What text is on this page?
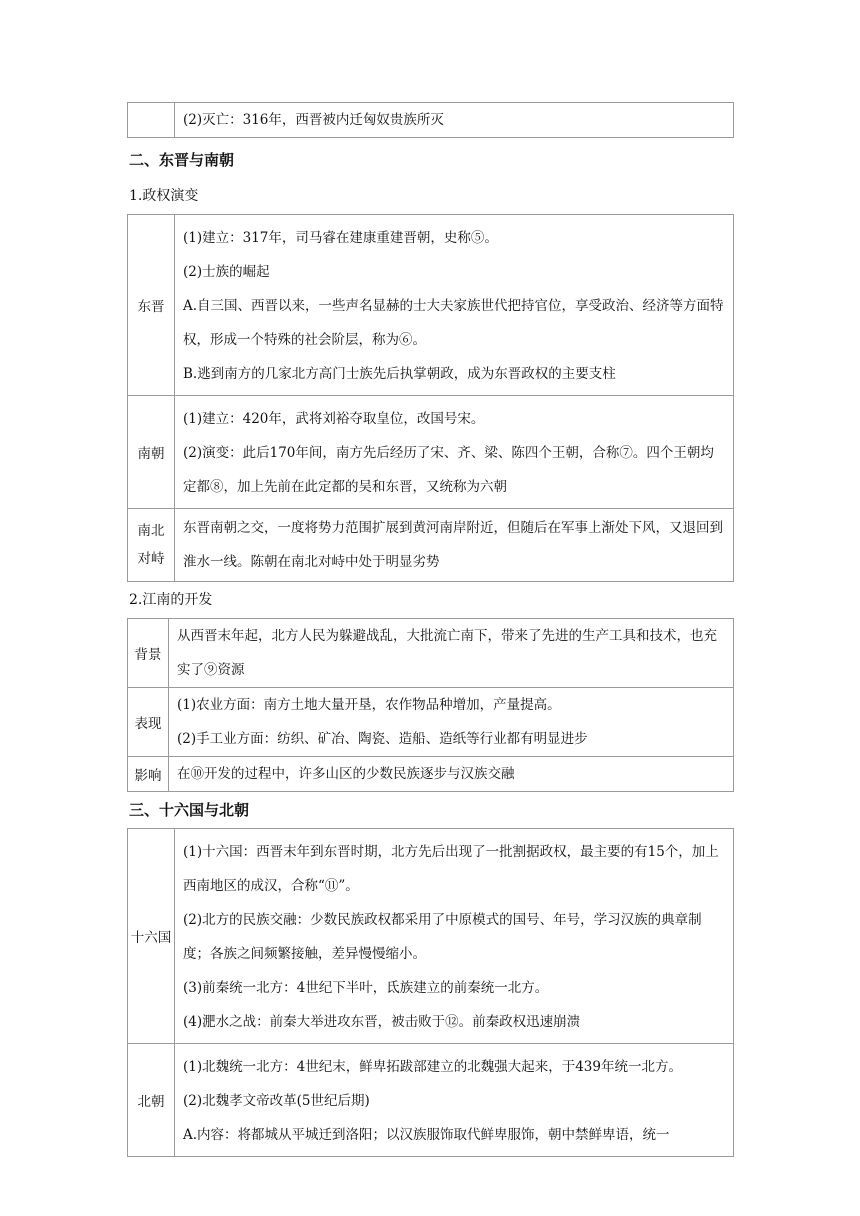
(2)灭亡：316年，西晋被内迁匈奴贵族所灭
二、东晋与南朝
1.政权演变
东晋	(1)建立：317年，司马睿在建康重建晋朝，史称⑤。
(2)士族的崛起
A.自三国、西晋以来，一些声名显赫的士大夫家族世代把持官位，享受政治、经济等方面特权，形成一个特殊的社会阶层，称为⑥。
B.逃到南方的几家北方高门士族先后执掌朝政，成为东晋政权的主要支柱

南朝	(1)建立：420年，武将刘裕夺取皇位，改国号宋。
(2)演变：此后170年间，南方先后经历了宋、齐、梁、陈四个王朝，合称⑦。四个王朝均定都⑧，加上先前在此定都的吴和东晋，又统称为六朝

南北
对峙	东晋南朝之交，一度将势力范围扩展到黄河南岸附近，但随后在军事上渐处下风，又退回到淮水一线。陈朝在南北对峙中处于明显劣势
2.江南的开发
背景	从西晋末年起，北方人民为躲避战乱，大批流亡南下，带来了先进的生产工具和技术，也充实了⑨资源

表现	(1)农业方面：南方土地大量开垦，农作物品种增加，产量提高。
(2)手工业方面：纺织、矿冶、陶瓷、造船、造纸等行业都有明显进步

影响	在⑩开发的过程中，许多山区的少数民族逐步与汉族交融
三、十六国与北朝
十六国	(1)十六国：西晋末年到东晋时期，北方先后出现了一批割据政权，最主要的有15个，加上西南地区的成汉，合称“⑪”。
(2)北方的民族交融：少数民族政权都采用了中原模式的国号、年号，学习汉族的典章制度；各族之间频繁接触，差异慢慢缩小。
(3)前秦统一北方：4世纪下半叶，氐族建立的前秦统一北方。
(4)淝水之战：前秦大举进攻东晋，被击败于⑫。前秦政权迅速崩溃

北朝	(1)北魏统一北方：4世纪末，鲜卑拓跋部建立的北魏强大起来，于439年统一北方。
(2)北魏孝文帝改革(5世纪后期)
A.内容：将都城从平城迁到洛阳；以汉族服饰取代鲜卑服饰，朝中禁鲜卑语，统一
